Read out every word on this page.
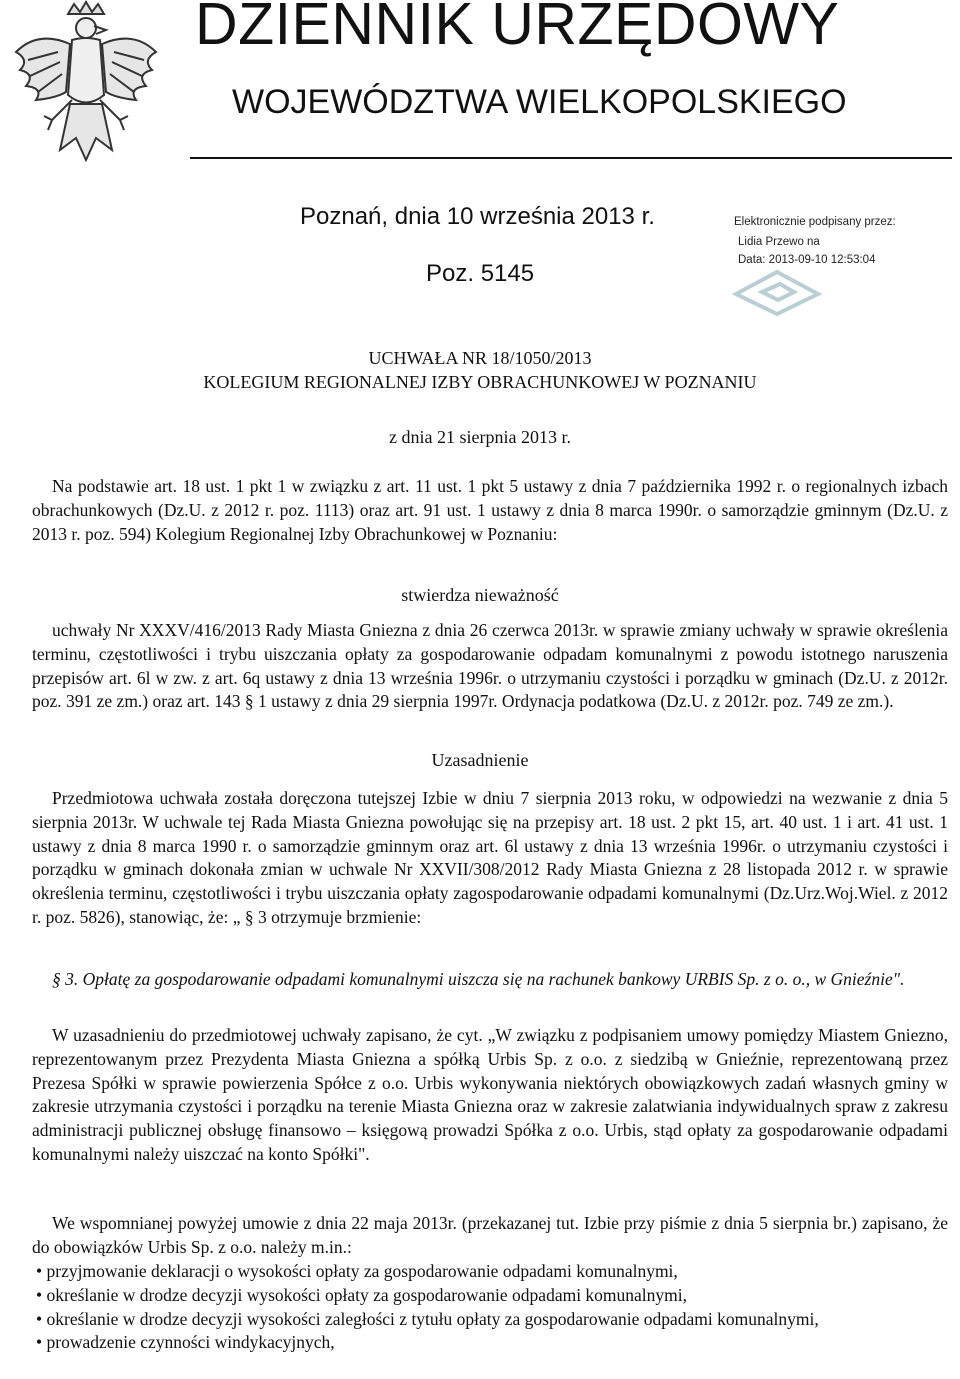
DZIENNIK URZĘDOWY
WOJEWÓDZTWA WIELKOPOLSKIEGO
Poznań, dnia 10 września 2013 r.
Poz. 5145
Elektronicznie podpisany przez:
Lidia Przewo na
Data: 2013-09-10 12:53:04
UCHWAŁA NR 18/1050/2013
KOLEGIUM REGIONALNEJ IZBY OBRACHUNKOWEJ W POZNANIU
z dnia 21 sierpnia 2013 r.
Na podstawie art. 18 ust. 1 pkt 1 w związku z art. 11 ust. 1 pkt 5 ustawy z dnia 7 października 1992 r. o regionalnych izbach obrachunkowych (Dz.U. z 2012 r. poz. 1113) oraz art. 91 ust. 1 ustawy z dnia 8 marca 1990r. o samorządzie gminnym (Dz.U. z 2013 r. poz. 594) Kolegium Regionalnej Izby Obrachunkowej w Poznaniu:
stwierdza nieważność
uchwały Nr XXXV/416/2013 Rady Miasta Gniezna z dnia 26 czerwca 2013r. w sprawie zmiany uchwały w sprawie określenia terminu, częstotliwości i trybu uiszczania opłaty za gospodarowanie odpadam komunalnymi z powodu istotnego naruszenia przepisów art. 6l w zw. z art. 6q ustawy z dnia 13 września 1996r. o utrzymaniu czystości i porządku w gminach (Dz.U. z 2012r. poz. 391 ze zm.) oraz art. 143 § 1 ustawy z dnia 29 sierpnia 1997r. Ordynacja podatkowa (Dz.U. z 2012r. poz. 749 ze zm.).
Uzasadnienie
Przedmiotowa uchwała została doręczona tutejszej Izbie w dniu 7 sierpnia 2013 roku, w odpowiedzi na wezwanie z dnia 5 sierpnia 2013r. W uchwale tej Rada Miasta Gniezna powołując się na przepisy art. 18 ust. 2 pkt 15, art. 40 ust. 1 i art. 41 ust. 1 ustawy z dnia 8 marca 1990 r. o samorządzie gminnym oraz art. 6l ustawy z dnia 13 września 1996r. o utrzymaniu czystości i porządku w gminach dokonała zmian w uchwale Nr XXVII/308/2012 Rady Miasta Gniezna z 28 listopada 2012 r. w sprawie określenia terminu, częstotliwości i trybu uiszczania opłaty zagospodarowanie odpadami komunalnymi (Dz.Urz.Woj.Wiel. z 2012 r. poz. 5826), stanowiąc, że: „ § 3 otrzymuje brzmienie:
§ 3. Opłatę za gospodarowanie odpadami komunalnymi uiszcza się na rachunek bankowy URBIS Sp. z o. o., w Gnieźnie".
W uzasadnieniu do przedmiotowej uchwały zapisano, że cyt. „W związku z podpisaniem umowy pomiędzy Miastem Gniezno, reprezentowanym przez Prezydenta Miasta Gniezna a spółką Urbis Sp. z o.o. z siedzibą w Gnieźnie, reprezentowaną przez Prezesa Spółki w sprawie powierzenia Spółce z o.o. Urbis wykonywania niektórych obowiązkowych zadań własnych gminy w zakresie utrzymania czystości i porządku na terenie Miasta Gniezna oraz w zakresie zalatwiania indywidualnych spraw z zakresu administracji publicznej obsługę finansowo – księgową prowadzi Spółka z o.o. Urbis, stąd opłaty za gospodarowanie odpadami komunalnymi należy uiszczać na konto Spółki".
We wspomnianej powyżej umowie z dnia 22 maja 2013r. (przekazanej tut. Izbie przy piśmie z dnia 5 sierpnia br.) zapisano, że do obowiązków Urbis Sp. z o.o. należy m.in.:
• przyjmowanie deklaracji o wysokości opłaty za gospodarowanie odpadami komunalnymi,
• określanie w drodze decyzji wysokości opłaty za gospodarowanie odpadami komunalnymi,
• określanie w drodze decyzji wysokości zaległości z tytułu opłaty za gospodarowanie odpadami komunalnymi,
• prowadzenie czynności windykacyjnych,
